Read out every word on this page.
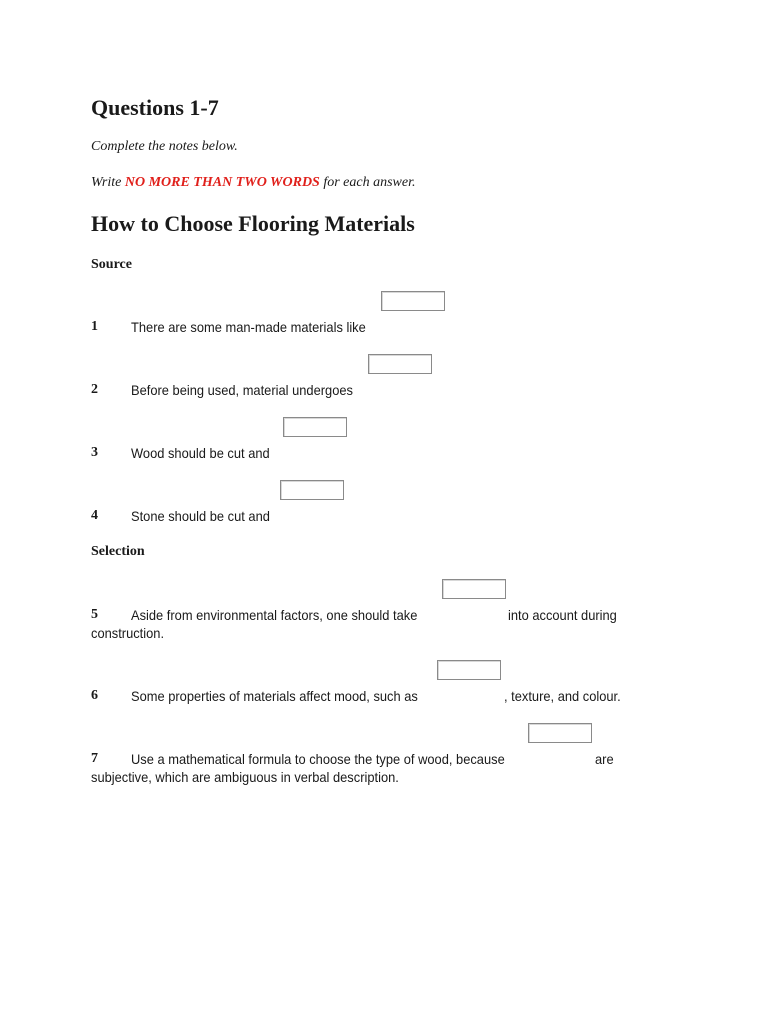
Questions 1-7
Complete the notes below.
Write NO MORE THAN TWO WORDS for each answer.
How to Choose Flooring Materials
Source
1 There are some man-made materials like
2 Before being used, material undergoes
3 Wood should be cut and
4 Stone should be cut and
Selection
5 Aside from environmental factors, one should take	into account during
construction.
6 Some properties of materials affect mood, such as	, texture, and colour.
7 Use a mathematical formula to choose the type of wood, because	are
subjective, which are ambiguous in verbal description.
